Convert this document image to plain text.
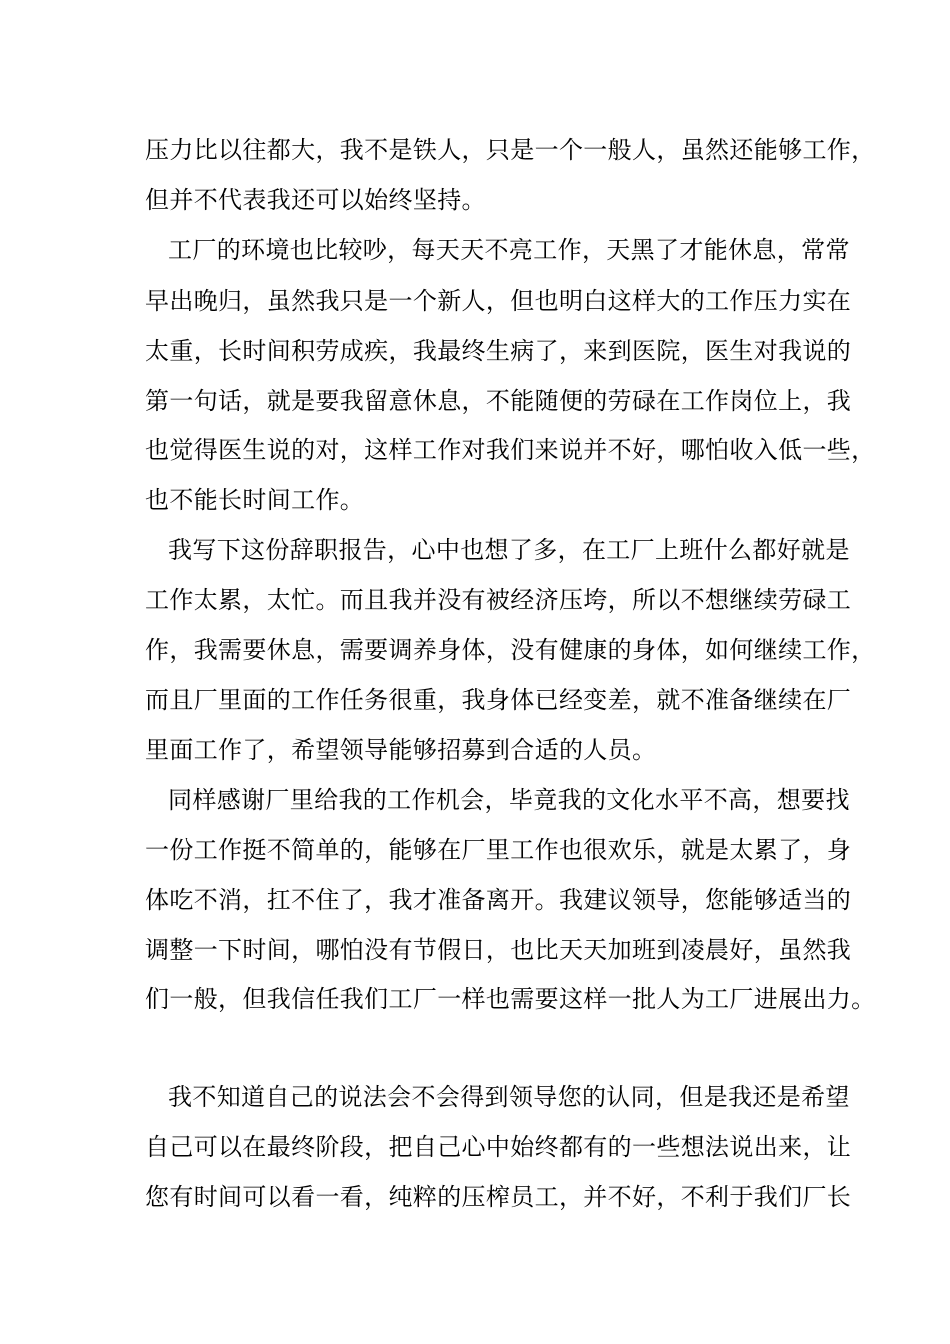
压力比以往都大，我不是铁人，只是一个一般人，虽然还能够工作，
但并不代表我还可以始终坚持。
工厂的环境也比较吵，每天天不亮工作，天黑了才能休息，常常
早出晚归，虽然我只是一个新人，但也明白这样大的工作压力实在
太重，长时间积劳成疾，我最终生病了，来到医院，医生对我说的
第一句话，就是要我留意休息，不能随便的劳碌在工作岗位上，我
也觉得医生说的对，这样工作对我们来说并不好，哪怕收入低一些，
也不能长时间工作。
我写下这份辞职报告，心中也想了多，在工厂上班什么都好就是
工作太累，太忙。而且我并没有被经济压垮，所以不想继续劳碌工
作，我需要休息，需要调养身体，没有健康的身体，如何继续工作，
而且厂里面的工作任务很重，我身体已经变差，就不准备继续在厂
里面工作了，希望领导能够招募到合适的人员。
同样感谢厂里给我的工作机会，毕竟我的文化水平不高，想要找
一份工作挺不简单的，能够在厂里工作也很欢乐，就是太累了，身
体吃不消，扛不住了，我才准备离开。我建议领导，您能够适当的
调整一下时间，哪怕没有节假日，也比天天加班到凌晨好，虽然我
们一般，但我信任我们工厂一样也需要这样一批人为工厂进展出力。
我不知道自己的说法会不会得到领导您的认同，但是我还是希望
自己可以在最终阶段，把自己心中始终都有的一些想法说出来，让
您有时间可以看一看，纯粹的压榨员工，并不好，不利于我们厂长
